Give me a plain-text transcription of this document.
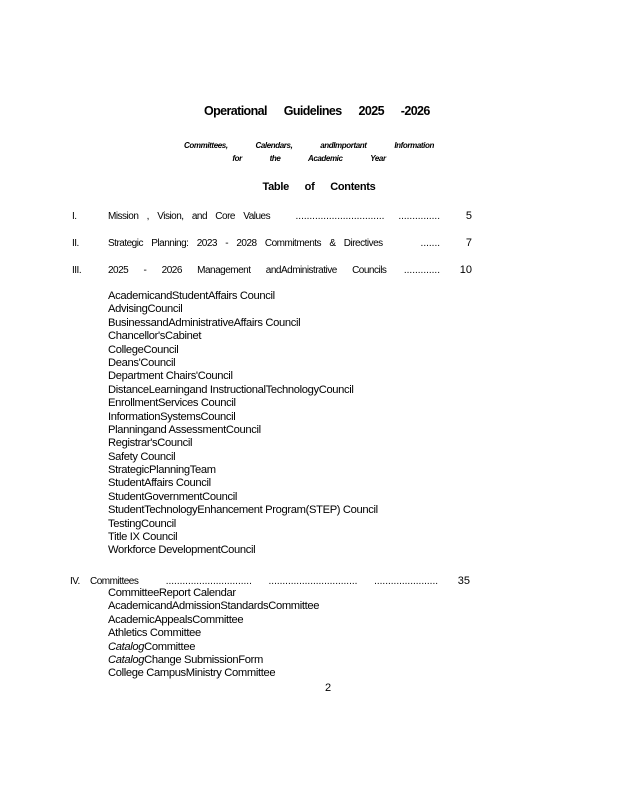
Operational Guidelines 2025 -2026
Committees, Calendars, andImportant Information
for the Academic Year
Table of Contents
I.	Mission , Vision, and Core Values	................................     ...............	5
II.	Strategic Planning: 2023 - 2028 Commitments & Directives	.......	7
III.	2025 - 2026 Management andAdministrative Councils .............	10
IV.	Committees	...............................      ................................      .......................	35
AcademicandStudentAffairs Council
AdvisingCouncil
BusinessandAdministrativeAffairs Council
Chancellor'sCabinet
CollegeCouncil
Deans'Council
Department Chairs'Council
DistanceLearningand InstructionalTechnologyCouncil
EnrollmentServices Council
InformationSystemsCouncil
Planningand AssessmentCouncil
Registrar'sCouncil
Safety Council
StrategicPlanningTeam
StudentAffairs Council
StudentGovernmentCouncil
StudentTechnologyEnhancement Program(STEP) Council
TestingCouncil
Title IX Council
Workforce DevelopmentCouncil
CommitteeReport Calendar
AcademicandAdmissionStandardsCommittee
AcademicAppealsCommittee
Athletics Committee
CatalogCommittee
CatalogChange SubmissionForm
College CampusMinistry Committee
2
